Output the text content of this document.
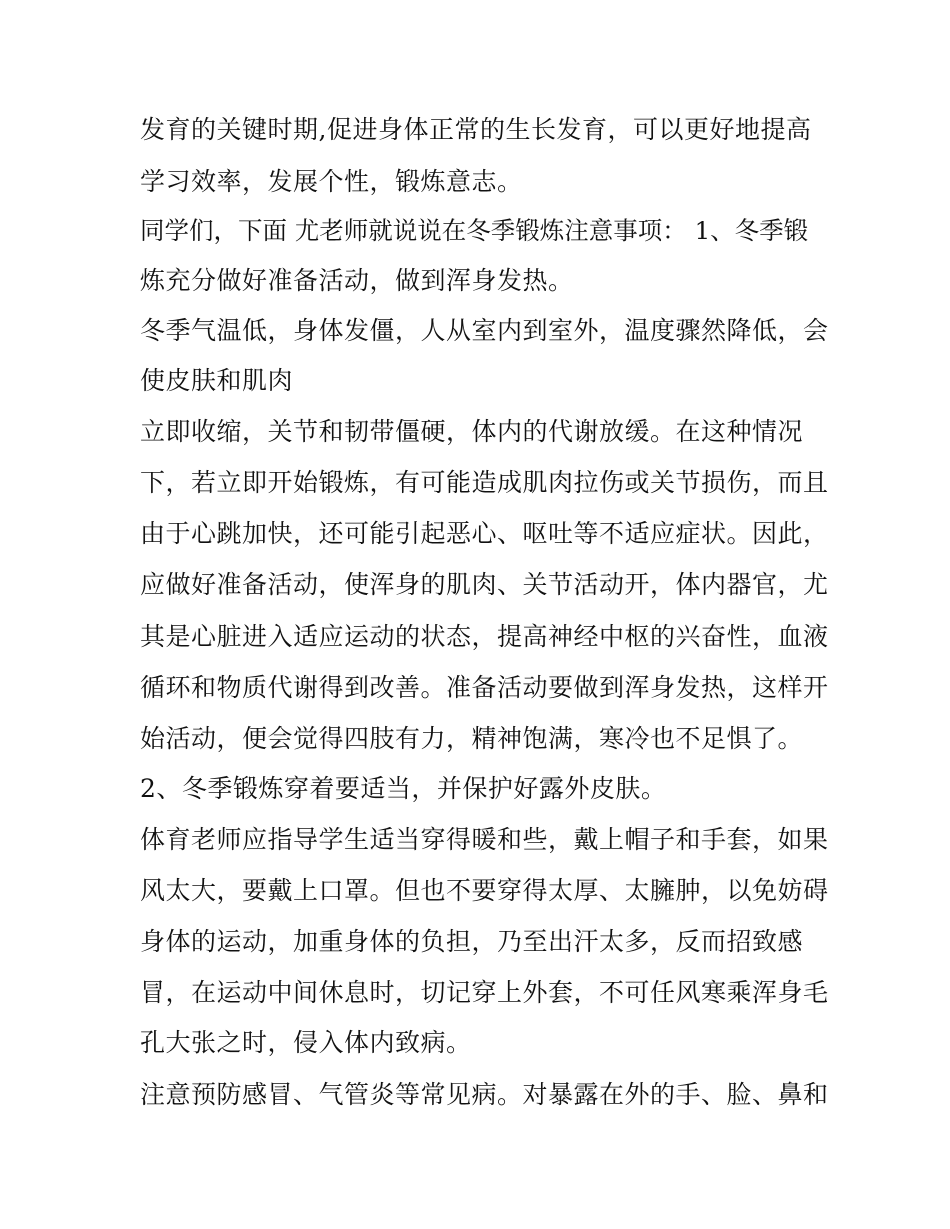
发育的关键时期,促进身体正常的生长发育，可以更好地提高

学习效率，发展个性，锻炼意志。

同学们，下面 尤老师就说说在冬季锻炼注意事项： 1、冬季锻

炼充分做好准备活动，做到浑身发热。

冬季气温低，身体发僵，人从室内到室外，温度骤然降低，会

使皮肤和肌肉

立即收缩，关节和韧带僵硬，体内的代谢放缓。在这种情况

下，若立即开始锻炼，有可能造成肌肉拉伤或关节损伤，而且

由于心跳加快，还可能引起恶心、呕吐等不适应症状。因此，

应做好准备活动，使浑身的肌肉、关节活动开，体内器官，尤

其是心脏进入适应运动的状态，提高神经中枢的兴奋性，血液

循环和物质代谢得到改善。准备活动要做到浑身发热，这样开

始活动，便会觉得四肢有力，精神饱满，寒冷也不足惧了。

2、冬季锻炼穿着要适当，并保护好露外皮肤。

体育老师应指导学生适当穿得暖和些，戴上帽子和手套，如果

风太大，要戴上口罩。但也不要穿得太厚、太臃肿，以免妨碍

身体的运动，加重身体的负担，乃至出汗太多，反而招致感

冒，在运动中间休息时，切记穿上外套，不可任风寒乘浑身毛

孔大张之时，侵入体内致病。

注意预防感冒、气管炎等常见病。对暴露在外的手、脸、鼻和
